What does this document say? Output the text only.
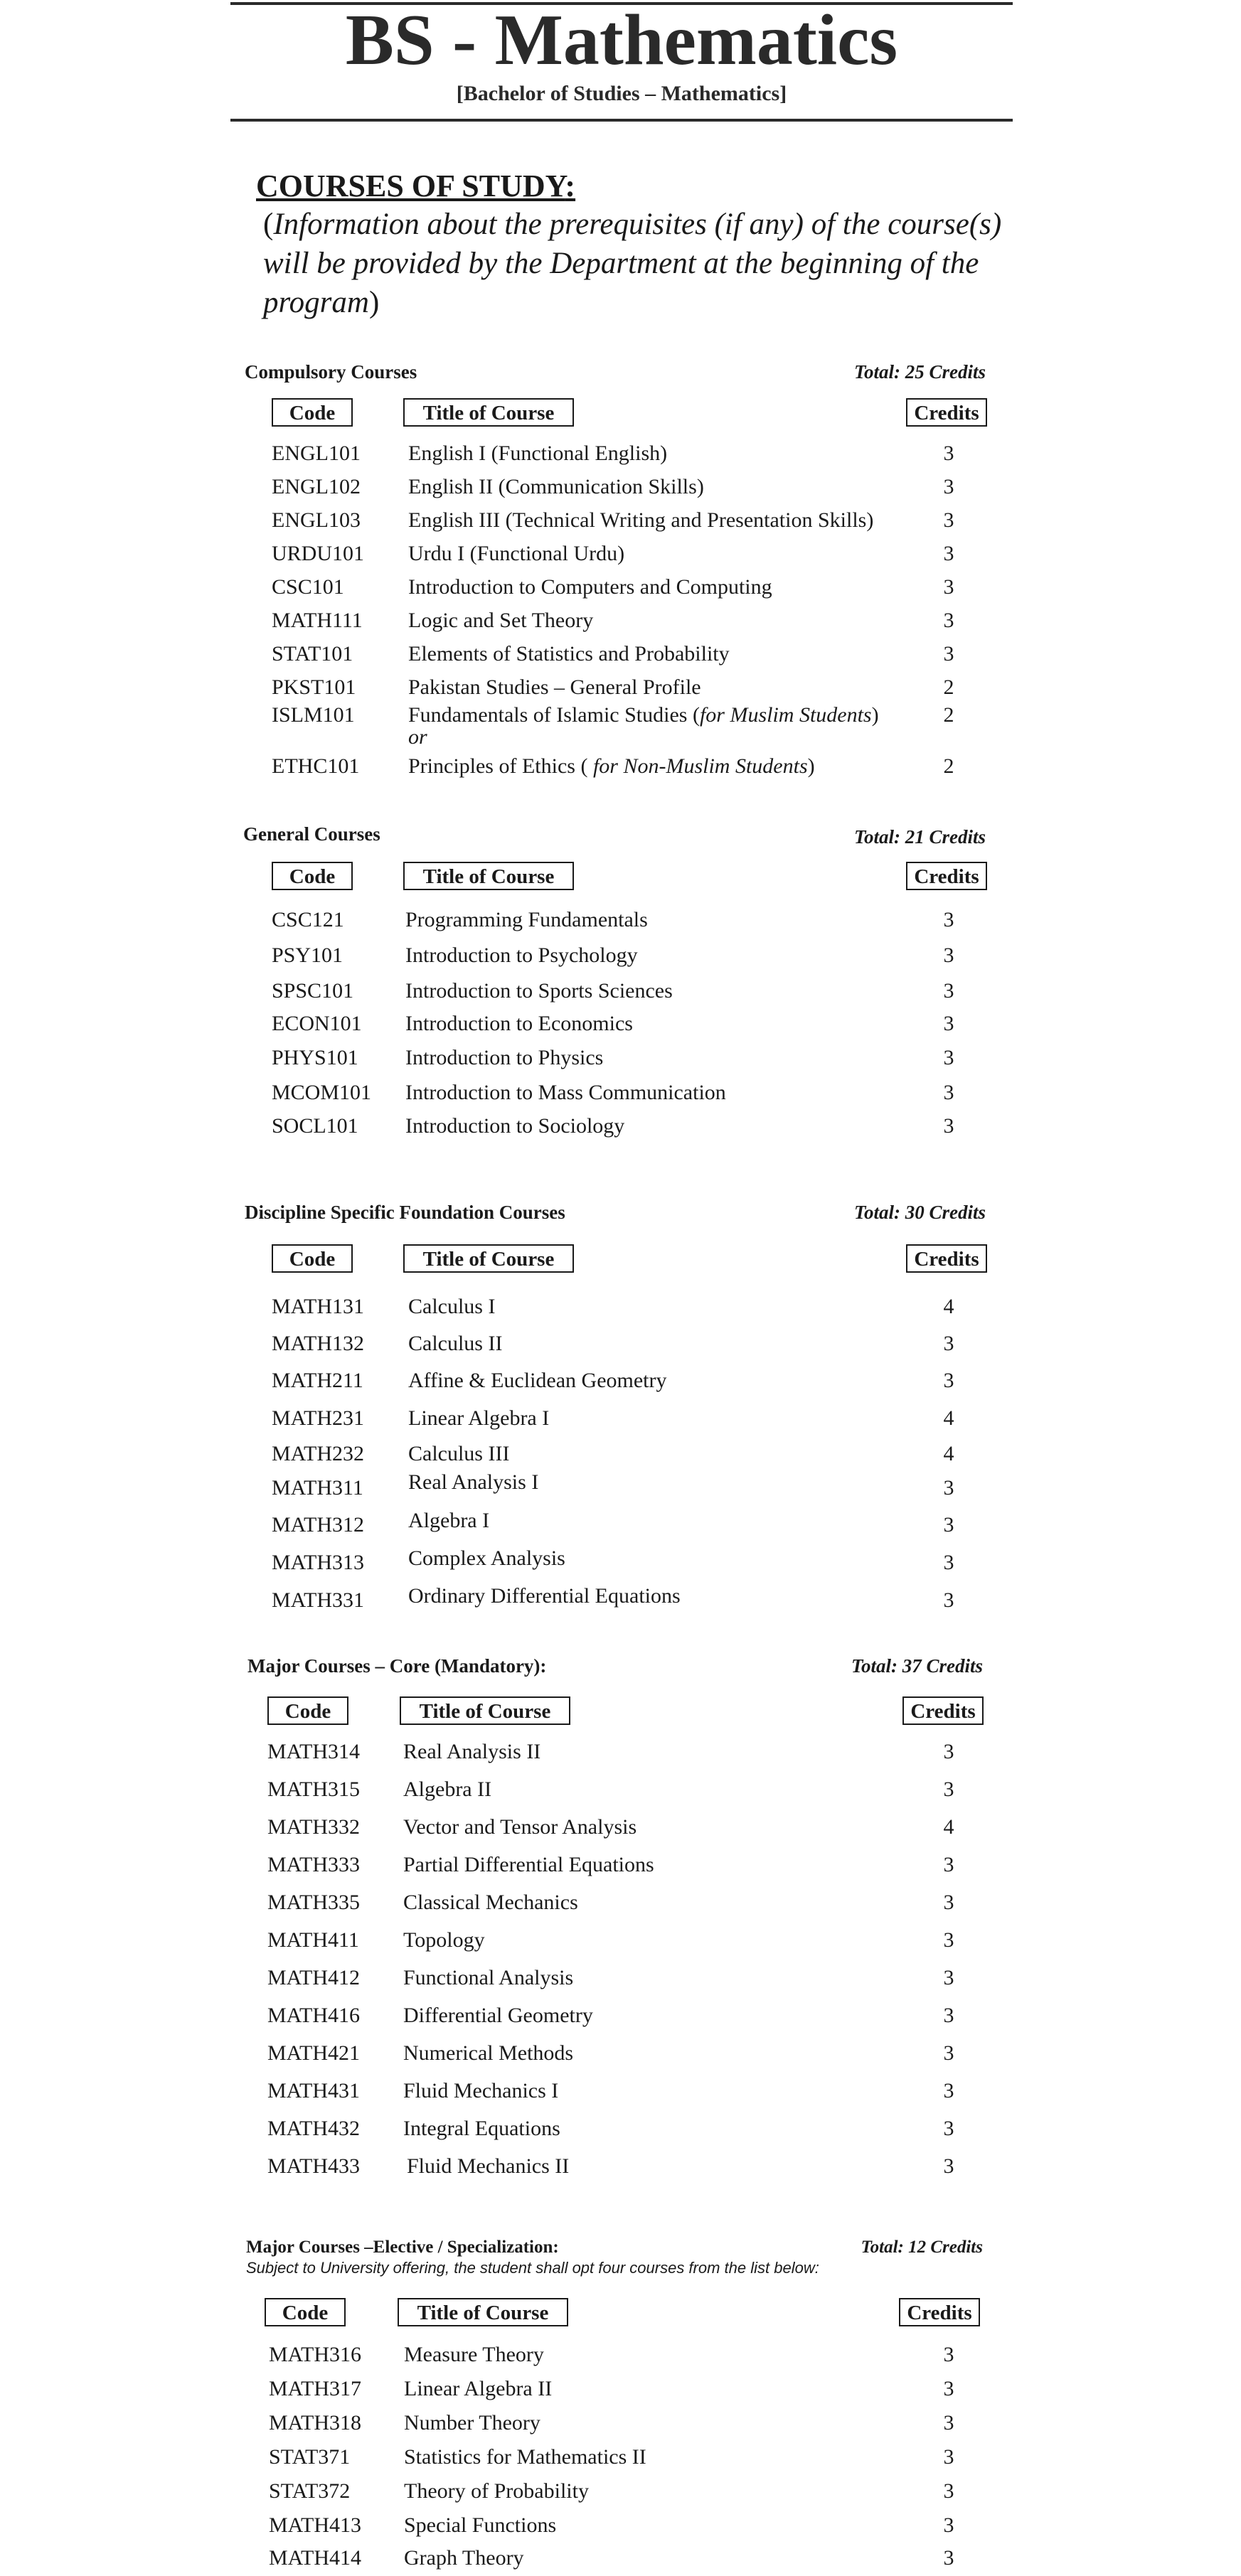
BS - Mathematics
[Bachelor of Studies – Mathematics]
COURSES OF STUDY:
(Information about the prerequisites (if any) of the course(s) will be provided by the Department at the beginning of the program)
Compulsory Courses	Total: 25 Credits
Code	Title of Course	Credits
ENGL101 English I (Functional English)	3
ENGL102 English II (Communication Skills)	3
ENGL103 English III (Technical Writing and Presentation Skills)	3
URDU101 Urdu I (Functional Urdu)	3
CSC101	Introduction to Computers and Computing	3
MATH111 Logic and Set Theory	3
STAT101	Elements of Statistics and Probability	3
PKST101 Pakistan Studies – General Profile	2
ISLM101	Fundamentals of Islamic Studies (for Muslim Students)	2
or
ETHC101 Principles of Ethics ( for Non-Muslim Students)	2
General Courses	Total: 21 Credits
Code	Title of Course	Credits
CSC121	Programming Fundamentals	3
PSY101	Introduction to Psychology	3
SPSC101 Introduction to Sports Sciences	3
ECON101 Introduction to Economics	3
PHYS101 Introduction to Physics	3
MCOM101 Introduction to Mass Communication	3
SOCL101 Introduction to Sociology	3
Discipline Specific Foundation Courses	Total: 30 Credits
Code	Title of Course	Credits
MATH131 Calculus I	4
MATH132 Calculus II	3
MATH211 Affine & Euclidean Geometry	3
MATH231 Linear Algebra I	4
MATH232 Calculus III	4
MATH311 Real Analysis I	3
MATH312 Algebra I	3
MATH313 Complex Analysis	3
MATH331 Ordinary Differential Equations	3
Major Courses – Core (Mandatory):	Total: 37 Credits
Code	Title of Course	Credits
MATH314 Real Analysis II	3
MATH315 Algebra II	3
MATH332 Vector and Tensor Analysis	4
MATH333 Partial Differential Equations	3
MATH335 Classical Mechanics	3
MATH411 Topology	3
MATH412 Functional Analysis	3
MATH416 Differential Geometry	3
MATH421 Numerical Methods	3
MATH431 Fluid Mechanics I	3
MATH432 Integral Equations	3
MATH433 Fluid Mechanics II	3
Major Courses –Elective / Specialization:	Total: 12 Credits
Subject to University offering, the student shall opt four courses from the list below:
Code	Title of Course	Credits
MATH316 Measure Theory	3
MATH317 Linear Algebra II	3
MATH318 Number Theory	3
STAT371	Statistics for Mathematics II	3
STAT372	Theory of Probability	3
MATH413 Special Functions	3
MATH414 Graph Theory	3
